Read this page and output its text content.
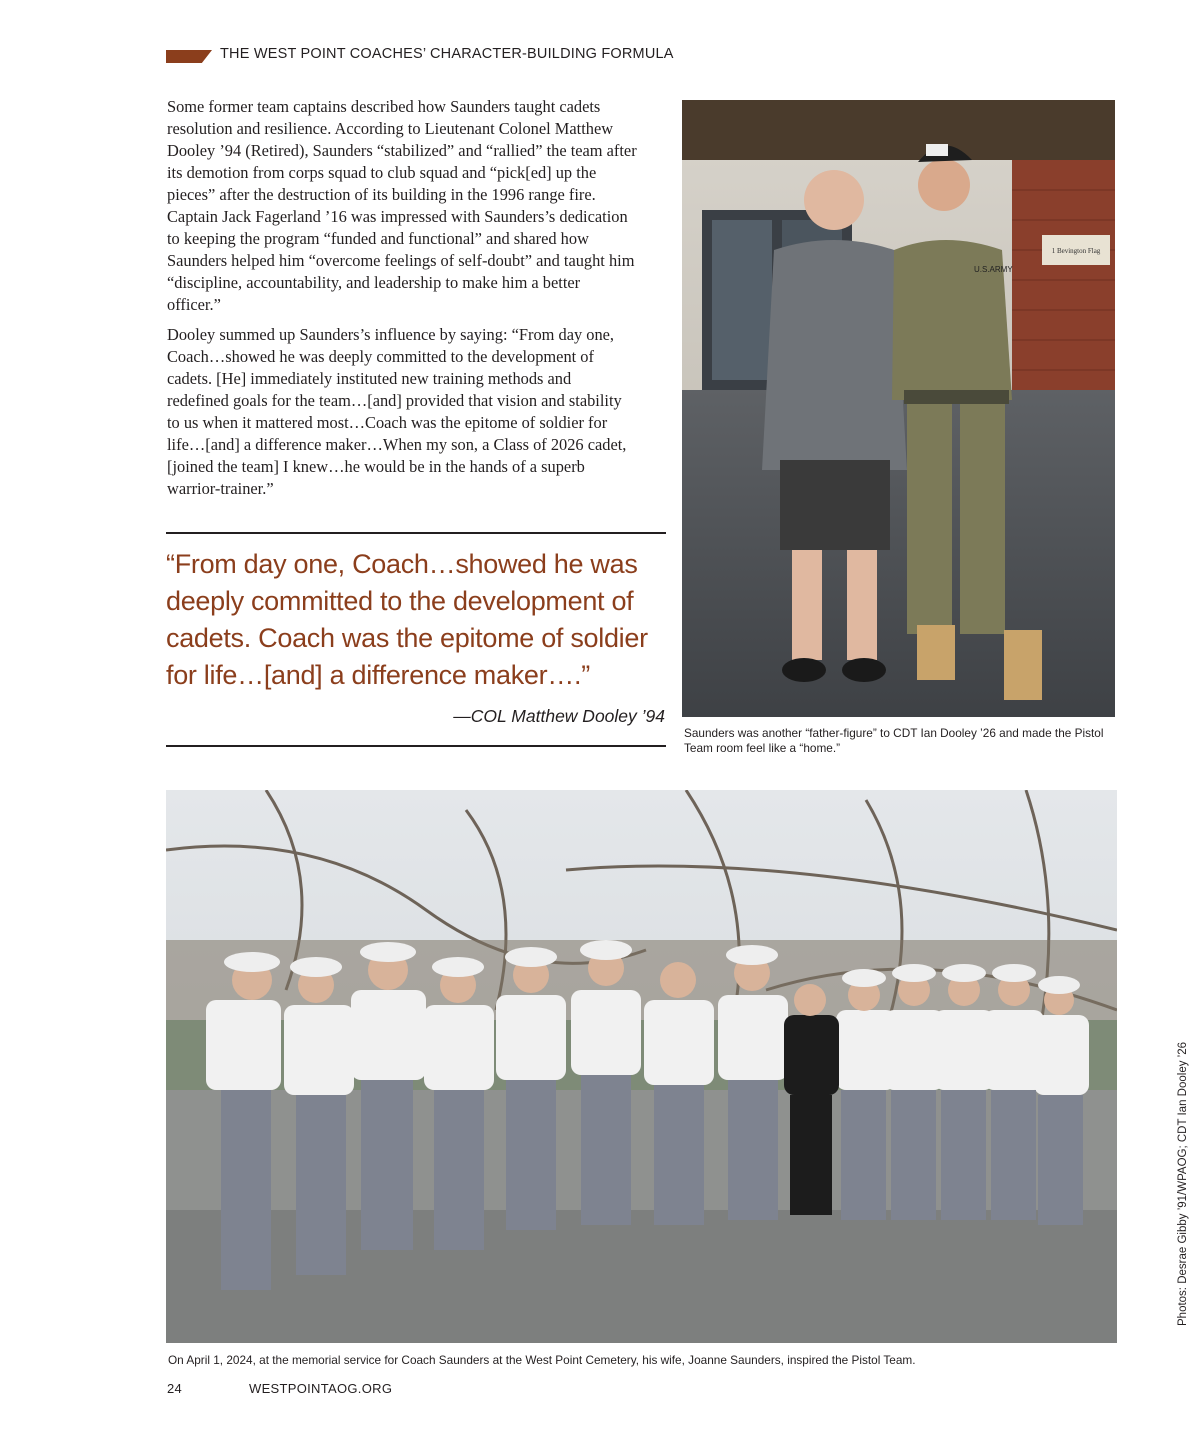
THE WEST POINT COACHES’ CHARACTER-BUILDING FORMULA

Some former team captains described how Saunders taught cadets resolution and resilience. According to Lieutenant Colonel Matthew Dooley ’94 (Retired), Saunders “stabilized” and “rallied” the team after its demotion from corps squad to club squad and “pick[ed] up the pieces” after the destruction of its building in the 1996 range fire. Captain Jack Fagerland ’16 was impressed with Saunders’s dedication to keeping the program “funded and functional” and shared how Saunders helped him “overcome feelings of self-doubt” and taught him “discipline, accountability, and leadership to make him a better officer.”

Dooley summed up Saunders’s influence by saying: “From day one, Coach…showed he was deeply committed to the development of cadets. [He] immediately instituted new training methods and redefined goals for the team…[and] provided that vision and stability to us when it mattered most…Coach was the epitome of soldier for life…[and] a difference maker…When my son, a Class of 2026 cadet, [joined the team] I knew…he would be in the hands of a superb warrior-trainer.”

“From day one, Coach…showed he was deeply committed to the development of cadets. Coach was the epitome of soldier for life…[and] a difference maker….”
—COL Matthew Dooley ’94
1 Bevington Flag
U.S.ARMY
Saunders was another “father-figure” to CDT Ian Dooley ’26 and made the Pistol Team room feel like a “home.”
On April 1, 2024, at the memorial service for Coach Saunders at the West Point Cemetery, his wife, Joanne Saunders, inspired the Pistol Team.
Photos: Desrae Gibby ’91/WPAOG; CDT Ian Dooley ’26
24	WESTPOINTAOG.ORG
